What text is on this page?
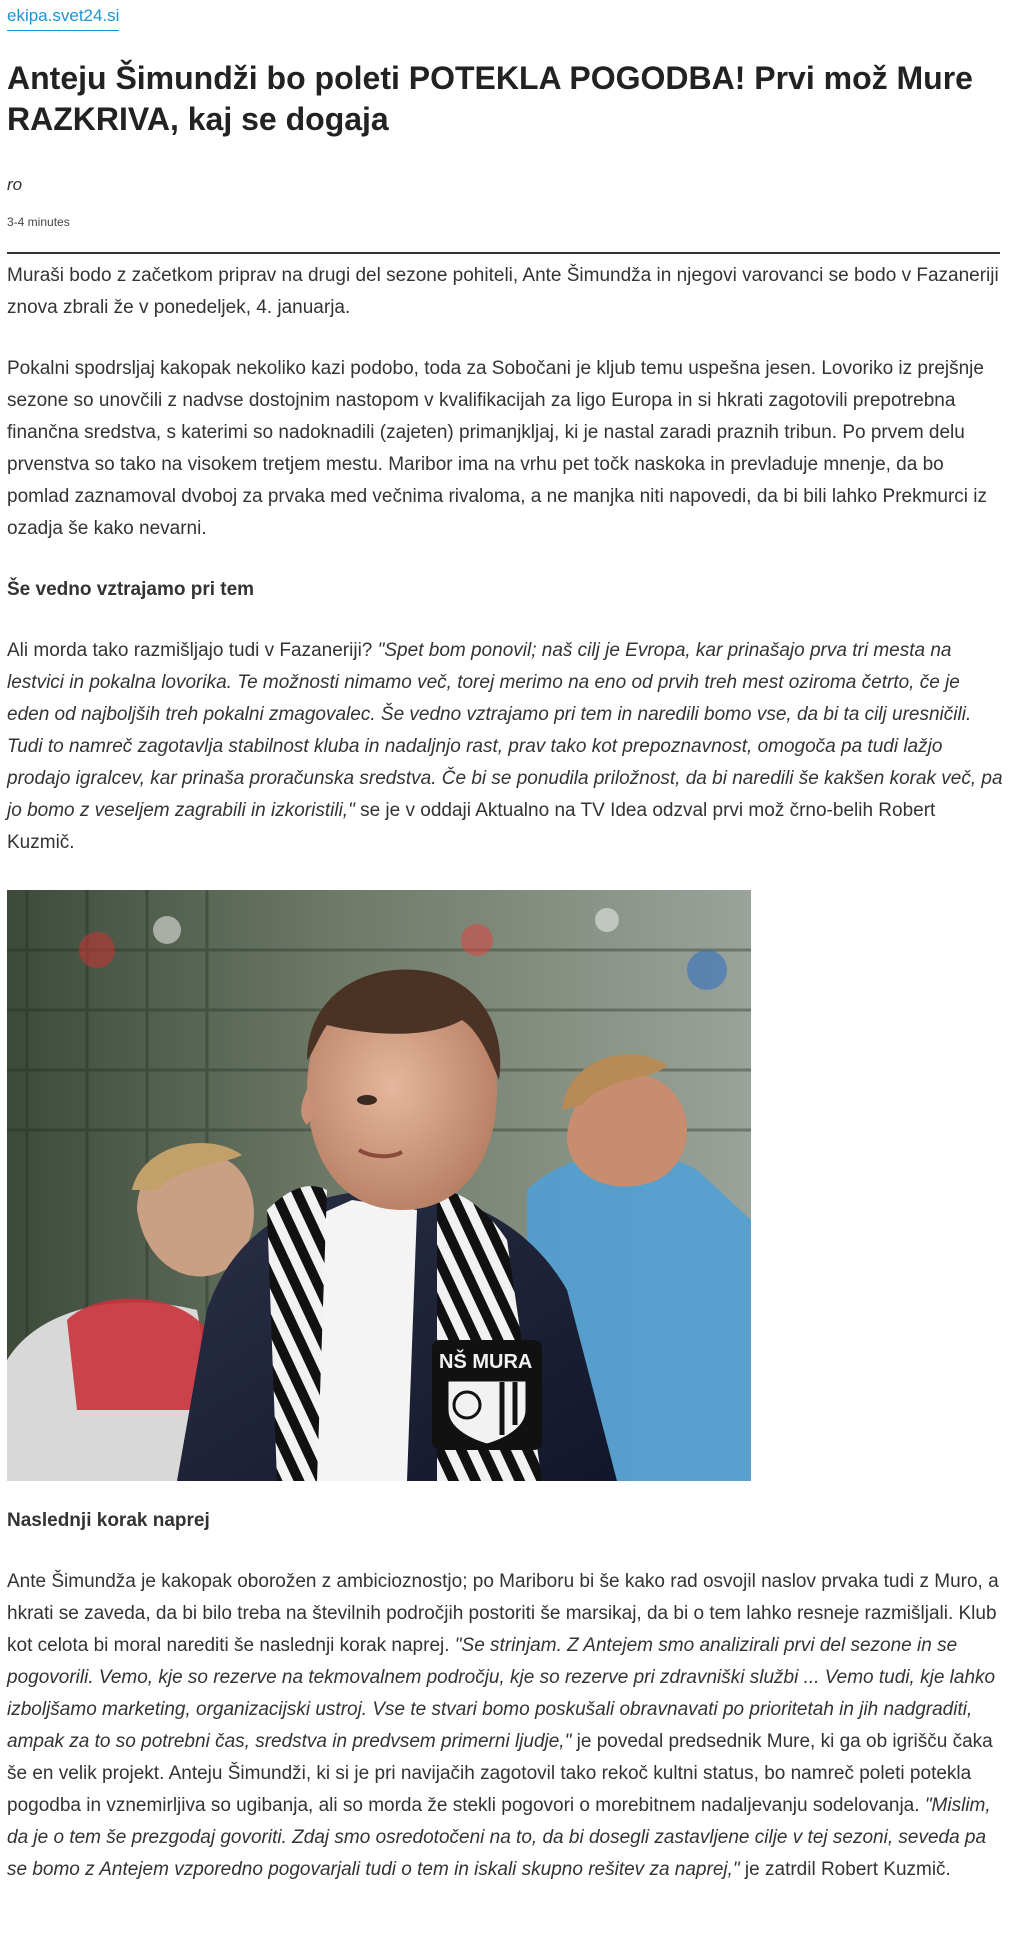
ekipa.svet24.si
Anteju Šimundži bo poleti POTEKLA POGODBA! Prvi mož Mure RAZKRIVA, kaj se dogaja
ro
3-4 minutes

Muraši bodo z začetkom priprav na drugi del sezone pohiteli, Ante Šimundža in njegovi varovanci se bodo v Fazaneriji znova zbrali že v ponedeljek, 4. januarja.

Pokalni spodrsljaj kakopak nekoliko kazi podobo, toda za Sobočani je kljub temu uspešna jesen. Lovoriko iz prejšnje sezone so unovčili z nadvse dostojnim nastopom v kvalifikacijah za ligo Europa in si hkrati zagotovili prepotrebna finančna sredstva, s katerimi so nadoknadili (zajeten) primanjkljaj, ki je nastal zaradi praznih tribun. Po prvem delu prvenstva so tako na visokem tretjem mestu. Maribor ima na vrhu pet točk naskoka in prevladuje mnenje, da bo pomlad zaznamoval dvoboj za prvaka med večnima rivaloma, a ne manjka niti napovedi, da bi bili lahko Prekmurci iz ozadja še kako nevarni.

Še vedno vztrajamo pri tem

Ali morda tako razmišljajo tudi v Fazaneriji? "Spet bom ponovil; naš cilj je Evropa, kar prinašajo prva tri mesta na lestvici in pokalna lovorika. Te možnosti nimamo več, torej merimo na eno od prvih treh mest oziroma četrto, če je eden od najboljših treh pokalni zmagovalec. Še vedno vztrajamo pri tem in naredili bomo vse, da bi ta cilj uresničili. Tudi to namreč zagotavlja stabilnost kluba in nadaljnjo rast, prav tako kot prepoznavnost, omogoča pa tudi lažjo prodajo igralcev, kar prinaša proračunska sredstva. Če bi se ponudila priložnost, da bi naredili še kakšen korak več, pa jo bomo z veseljem zagrabili in izkoristili," se je v oddaji Aktualno na TV Idea odzval prvi mož črno-belih Robert Kuzmič.

NŠ MURA
Naslednji korak naprej

Ante Šimundža je kakopak oborožen z ambicioznostjo; po Mariboru bi še kako rad osvojil naslov prvaka tudi z Muro, a hkrati se zaveda, da bi bilo treba na številnih področjih postoriti še marsikaj, da bi o tem lahko resneje razmišljali. Klub kot celota bi moral narediti še naslednji korak naprej. "Se strinjam. Z Antejem smo analizirali prvi del sezone in se pogovorili. Vemo, kje so rezerve na tekmovalnem področju, kje so rezerve pri zdravniški službi ... Vemo tudi, kje lahko izboljšamo marketing, organizacijski ustroj. Vse te stvari bomo poskušali obravnavati po prioritetah in jih nadgraditi, ampak za to so potrebni čas, sredstva in predvsem primerni ljudje," je povedal predsednik Mure, ki ga ob igrišču čaka še en velik projekt. Anteju Šimundži, ki si je pri navijačih zagotovil tako rekoč kultni status, bo namreč poleti potekla pogodba in vznemirljiva so ugibanja, ali so morda že stekli pogovori o morebitnem nadaljevanju sodelovanja. "Mislim, da je o tem še prezgodaj govoriti. Zdaj smo osredotočeni na to, da bi dosegli zastavljene cilje v tej sezoni, seveda pa se bomo z Antejem vzporedno pogovarjali tudi o tem in iskali skupno rešitev za naprej," je zatrdil Robert Kuzmič.
